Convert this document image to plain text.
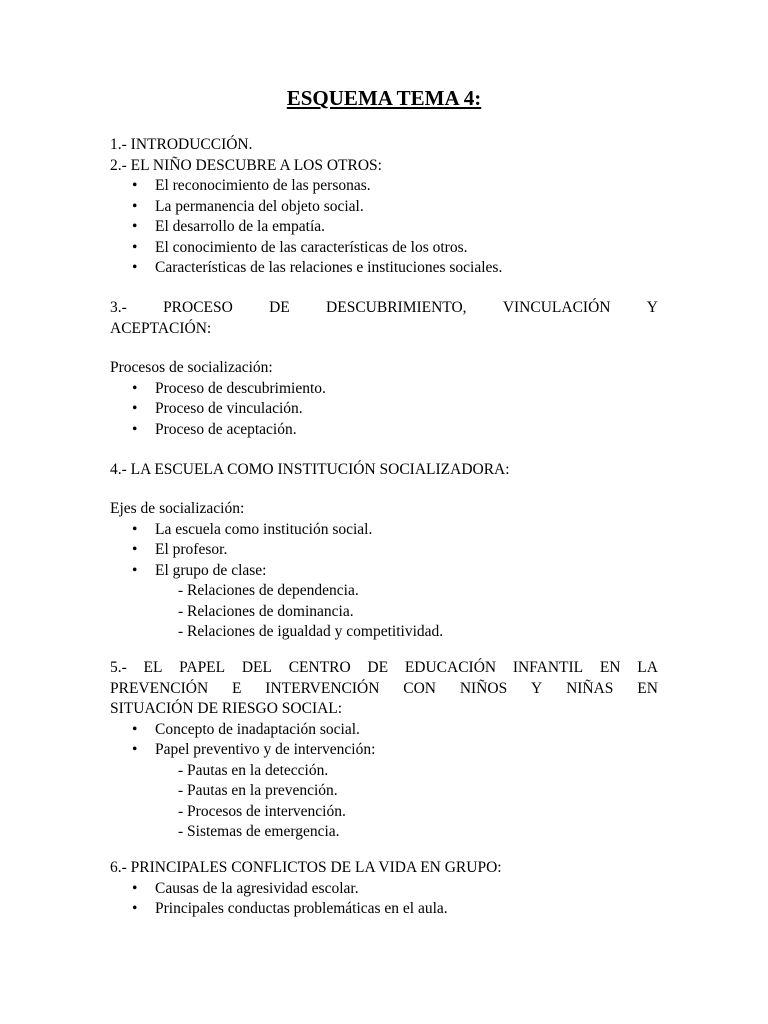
ESQUEMA TEMA 4:
1.- INTRODUCCIÓN.
2.- EL NIÑO DESCUBRE A LOS OTROS:
• El reconocimiento de las personas.
• La permanencia del objeto social.
• El desarrollo de la empatía.
• El conocimiento de las características de los otros.
• Características de las relaciones e instituciones sociales.
3.- PROCESO DE DESCUBRIMIENTO, VINCULACIÓN Y
ACEPTACIÓN:
Procesos de socialización:
• Proceso de descubrimiento.
• Proceso de vinculación.
• Proceso de aceptación.
4.- LA ESCUELA COMO INSTITUCIÓN SOCIALIZADORA:
Ejes de socialización:
• La escuela como institución social.
• El profesor.
• El grupo de clase:
- Relaciones de dependencia.
- Relaciones de dominancia.
- Relaciones de igualdad y competitividad.
5.- EL PAPEL DEL CENTRO DE EDUCACIÓN INFANTIL EN LA
PREVENCIÓN E INTERVENCIÓN CON NIÑOS Y NIÑAS EN
SITUACIÓN DE RIESGO SOCIAL:
• Concepto de inadaptación social.
• Papel preventivo y de intervención:
- Pautas en la detección.
- Pautas en la prevención.
- Procesos de intervención.
- Sistemas de emergencia.
6.- PRINCIPALES CONFLICTOS DE LA VIDA EN GRUPO:
• Causas de la agresividad escolar.
• Principales conductas problemáticas en el aula.
